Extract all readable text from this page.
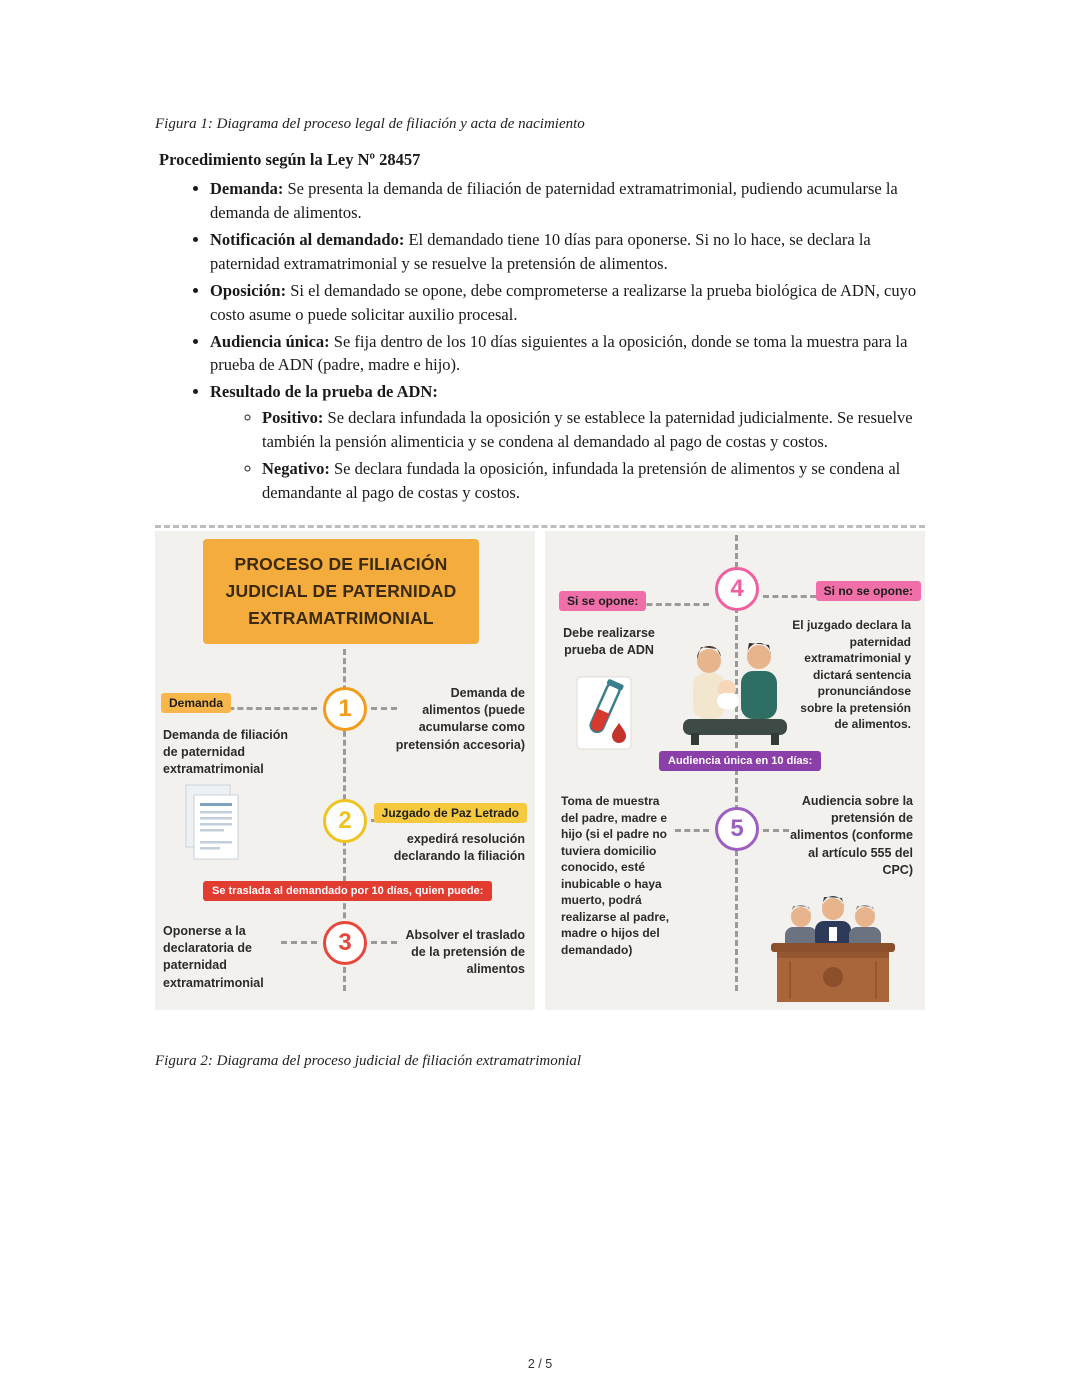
Figura 1: Diagrama del proceso legal de filiación y acta de nacimiento

Procedimiento según la Ley Nº 28457
• Demanda: Se presenta la demanda de filiación de paternidad extramatrimonial, pudiendo acumularse la demanda de alimentos.
• Notificación al demandado: El demandado tiene 10 días para oponerse. Si no lo hace, se declara la paternidad extramatrimonial y se resuelve la pretensión de alimentos.
• Oposición: Si el demandado se opone, debe comprometerse a realizarse la prueba biológica de ADN, cuyo costo asume o puede solicitar auxilio procesal.
• Audiencia única: Se fija dentro de los 10 días siguientes a la oposición, donde se toma la muestra para la prueba de ADN (padre, madre e hijo).
• Resultado de la prueba de ADN:
◦ Positivo: Se declara infundada la oposición y se establece la paternidad judicialmente. Se resuelve también la pensión alimenticia y se condena al demandado al pago de costas y costos.
◦ Negativo: Se declara fundada la oposición, infundada la pretensión de alimentos y se condena al demandante al pago de costas y costos.
PROCESO DE FILIACIÓN JUDICIAL DE PATERNIDAD EXTRAMATRIMONIAL
Demanda	1
Demanda de alimentos (puede acumularse como pretensión accesoria)
Demanda de filiación de paternidad extramatrimonial
2	Juzgado de Paz Letrado
expedirá resolución declarando la filiación
Se traslada al demandado por 10 días, quien puede:
Oponerse a la declaratoria de paternidad extramatrimonial
3	Absolver el traslado de la pretensión de alimentos
4
Si se opone:
Si no se opone:
Debe realizarse prueba de ADN
El juzgado declara la paternidad extramatrimonial y dictará sentencia pronunciándose sobre la pretensión de alimentos.
Audiencia única en 10 días:
Toma de muestra del padre, madre e hijo (si el padre no tuviera domicilio conocido, esté inubicable o haya muerto, podrá realizarse al padre, madre o hijos del demandado)
5
Audiencia sobre la pretensión de alimentos (conforme al artículo 555 del CPC)

Figura 2: Diagrama del proceso judicial de filiación extramatrimonial

2 / 5
